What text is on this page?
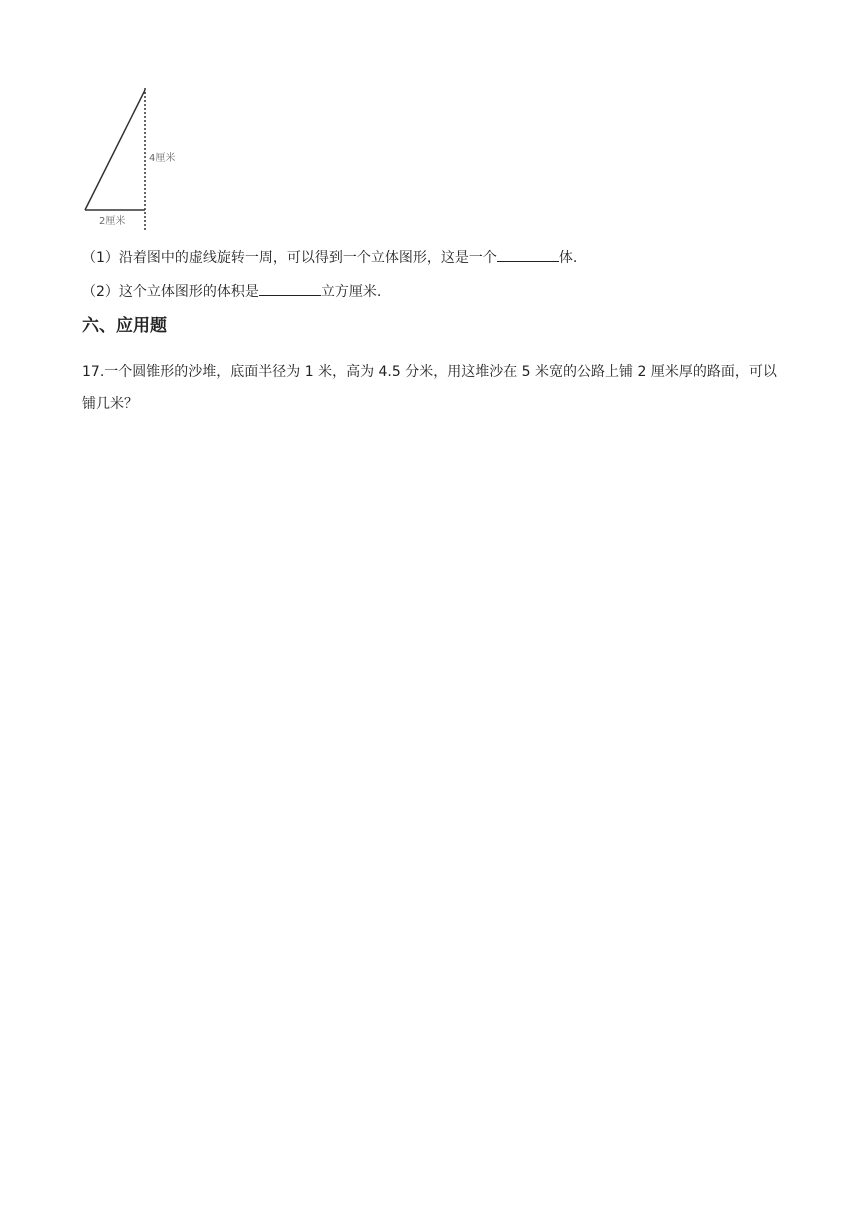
4厘米
2厘米
（1）沿着图中的虚线旋转一周，可以得到一个立体图形，这是一个	体.
（2）这个立体图形的体积是	立方厘米.
六、应用题
17.一个圆锥形的沙堆，底面半径为 1 米，高为 4.5 分米，用这堆沙在 5 米宽的公路上铺 2 厘米厚的路面，可以铺几米？
